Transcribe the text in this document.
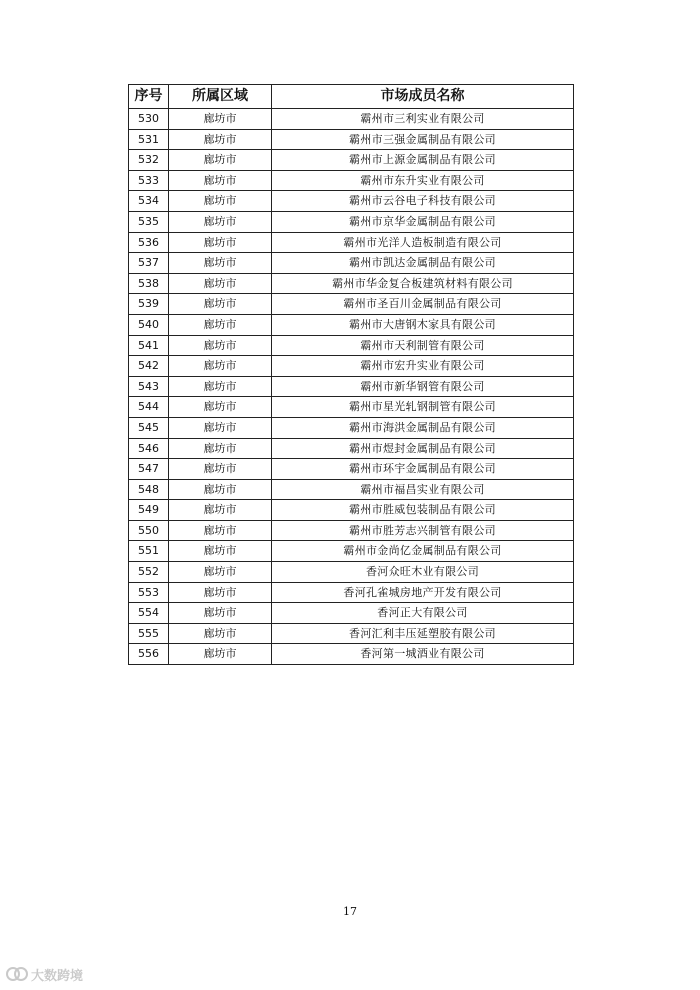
序号	所属区域	市场成员名称
530	廊坊市	霸州市三利实业有限公司
531	廊坊市	霸州市三强金属制品有限公司
532	廊坊市	霸州市上源金属制品有限公司
533	廊坊市	霸州市东升实业有限公司
534	廊坊市	霸州市云谷电子科技有限公司
535	廊坊市	霸州市京华金属制品有限公司
536	廊坊市	霸州市光洋人造板制造有限公司
537	廊坊市	霸州市凯达金属制品有限公司
538	廊坊市	霸州市华金复合板建筑材料有限公司
539	廊坊市	霸州市圣百川金属制品有限公司
540	廊坊市	霸州市大唐钢木家具有限公司
541	廊坊市	霸州市天利制管有限公司
542	廊坊市	霸州市宏升实业有限公司
543	廊坊市	霸州市新华钢管有限公司
544	廊坊市	霸州市星光轧钢制管有限公司
545	廊坊市	霸州市海洪金属制品有限公司
546	廊坊市	霸州市煜封金属制品有限公司
547	廊坊市	霸州市环宇金属制品有限公司
548	廊坊市	霸州市福昌实业有限公司
549	廊坊市	霸州市胜威包装制品有限公司
550	廊坊市	霸州市胜芳志兴制管有限公司
551	廊坊市	霸州市金尚亿金属制品有限公司
552	廊坊市	香河众旺木业有限公司
553	廊坊市	香河孔雀城房地产开发有限公司
554	廊坊市	香河正大有限公司
555	廊坊市	香河汇利丰压延塑胶有限公司
556	廊坊市	香河第一城酒业有限公司
17
大数跨境
